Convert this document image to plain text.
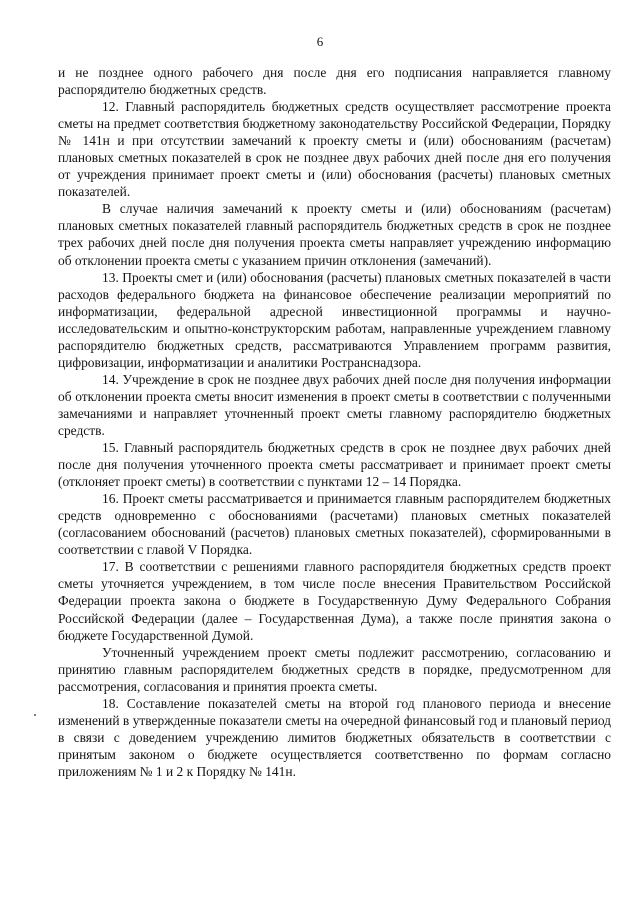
6

и не позднее одного рабочего дня после дня его подписания направляется главному распорядителю бюджетных средств.

12. Главный распорядитель бюджетных средств осуществляет рассмотрение проекта сметы на предмет соответствия бюджетному законодательству Российской Федерации, Порядку № 141н и при отсутствии замечаний к проекту сметы и (или) обоснованиям (расчетам) плановых сметных показателей в срок не позднее двух рабочих дней после дня его получения от учреждения принимает проект сметы и (или) обоснования (расчеты) плановых сметных показателей.

В случае наличия замечаний к проекту сметы и (или) обоснованиям (расчетам) плановых сметных показателей главный распорядитель бюджетных средств в срок не позднее трех рабочих дней после дня получения проекта сметы направляет учреждению информацию об отклонении проекта сметы с указанием причин отклонения (замечаний).

13. Проекты смет и (или) обоснования (расчеты) плановых сметных показателей в части расходов федерального бюджета на финансовое обеспечение реализации мероприятий по информатизации, федеральной адресной инвестиционной программы и научно-исследовательским и опытно-конструкторским работам, направленные учреждением главному распорядителю бюджетных средств, рассматриваются Управлением программ развития, цифровизации, информатизации и аналитики Ространснадзора.

14. Учреждение в срок не позднее двух рабочих дней после дня получения информации об отклонении проекта сметы вносит изменения в проект сметы в соответствии с полученными замечаниями и направляет уточненный проект сметы главному распорядителю бюджетных средств.

15. Главный распорядитель бюджетных средств в срок не позднее двух рабочих дней после дня получения уточненного проекта сметы рассматривает и принимает проект сметы (отклоняет проект сметы) в соответствии с пунктами 12 – 14 Порядка.

16. Проект сметы рассматривается и принимается главным распорядителем бюджетных средств одновременно с обоснованиями (расчетами) плановых сметных показателей (согласованием обоснований (расчетов) плановых сметных показателей), сформированными в соответствии с главой V Порядка.

17. В соответствии с решениями главного распорядителя бюджетных средств проект сметы уточняется учреждением, в том числе после внесения Правительством Российской Федерации проекта закона о бюджете в Государственную Думу Федерального Собрания Российской Федерации (далее – Государственная Дума), а также после принятия закона о бюджете Государственной Думой.

Уточненный учреждением проект сметы подлежит рассмотрению, согласованию и принятию главным распорядителем бюджетных средств в порядке, предусмотренном для рассмотрения, согласования и принятия проекта сметы.

18. Составление показателей сметы на второй год планового периода и внесение изменений в утвержденные показатели сметы на очередной финансовый год и плановый период в связи с доведением учреждению лимитов бюджетных обязательств в соответствии с принятым законом о бюджете осуществляется соответственно по формам согласно приложениям № 1 и 2 к Порядку № 141н.
